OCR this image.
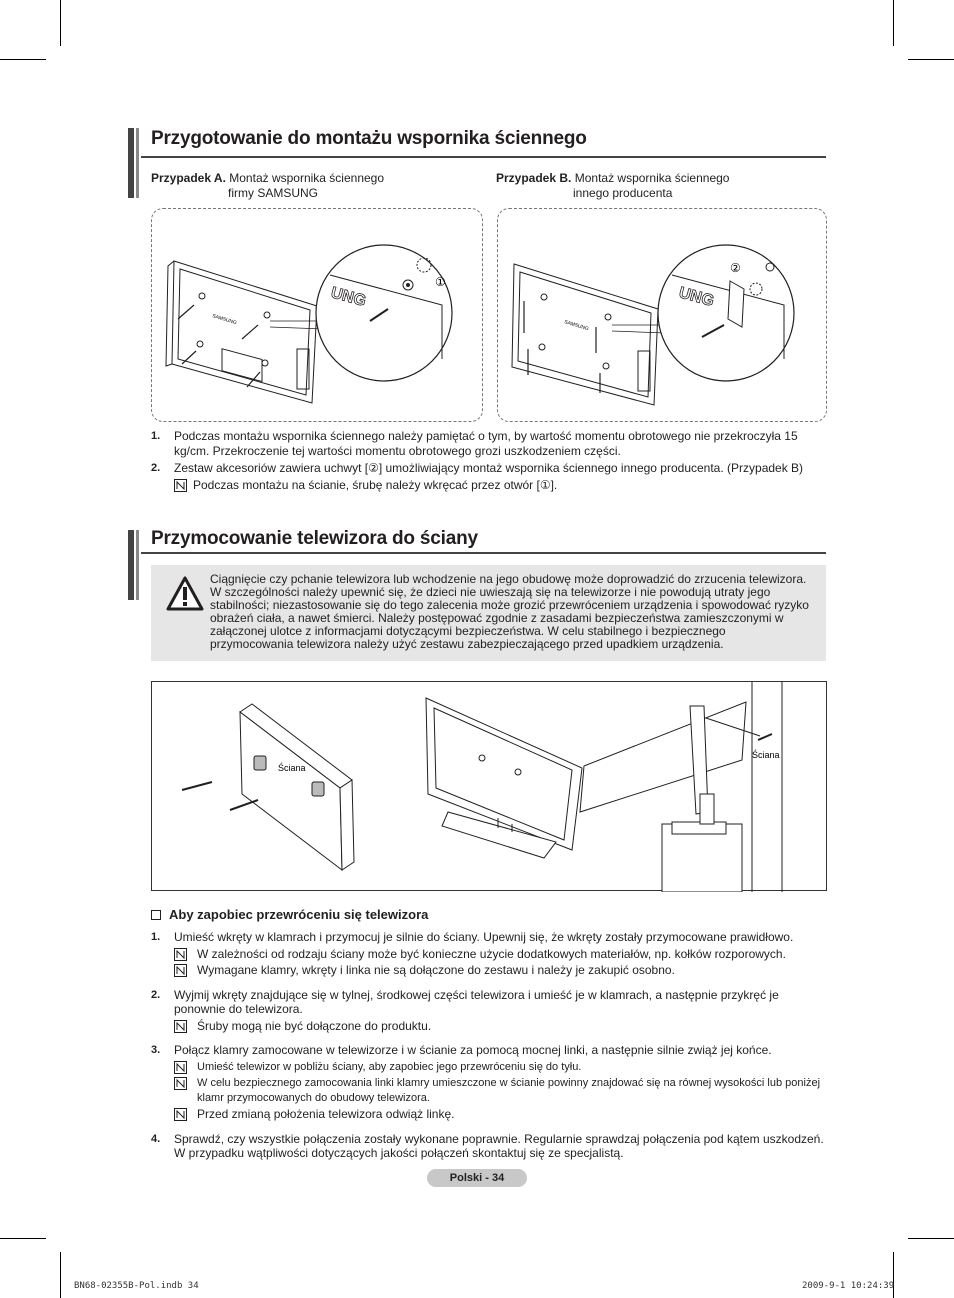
Przygotowanie do montażu wspornika ściennego
Przypadek A. Montaż wspornika ściennego
firmy SAMSUNG
Przypadek B. Montaż wspornika ściennego
innego producenta
SAMSUNG
UNG
①
SAMSUNG
UNG
②
1. Podczas montażu wspornika ściennego należy pamiętać o tym, by wartość momentu obrotowego nie przekroczyła 15 kg/cm. Przekroczenie tej wartości momentu obrotowego grozi uszkodzeniem części.
2. Zestaw akcesoriów zawiera uchwyt [②] umożliwiający montaż wspornika ściennego innego producenta. (Przypadek B)
Podczas montażu na ścianie, śrubę należy wkręcać przez otwór [①].
Przymocowanie telewizora do ściany
Ciągnięcie czy pchanie telewizora lub wchodzenie na jego obudowę może doprowadzić do zrzucenia telewizora. W szczególności należy upewnić się, że dzieci nie uwieszają się na telewizorze i nie powodują utraty jego stabilności; niezastosowanie się do tego zalecenia może grozić przewróceniem urządzenia i spowodować ryzyko obrażeń ciała, a nawet śmierci. Należy postępować zgodnie z zasadami bezpieczeństwa zamieszczonymi w załączonej ulotce z informacjami dotyczącymi bezpieczeństwa. W celu stabilnego i bezpiecznego przymocowania telewizora należy użyć zestawu zabezpieczającego przed upadkiem urządzenia.
Ściana
Ściana
Aby zapobiec przewróceniu się telewizora
1. Umieść wkręty w klamrach i przymocuj je silnie do ściany. Upewnij się, że wkręty zostały przymocowane prawidłowo.
W zależności od rodzaju ściany może być konieczne użycie dodatkowych materiałów, np. kołków rozporowych.
Wymagane klamry, wkręty i linka nie są dołączone do zestawu i należy je zakupić osobno.
2. Wyjmij wkręty znajdujące się w tylnej, środkowej części telewizora i umieść je w klamrach, a następnie przykręć je ponownie do telewizora.
Śruby mogą nie być dołączone do produktu.
3. Połącz klamry zamocowane w telewizorze i w ścianie za pomocą mocnej linki, a następnie silnie zwiąż jej końce.
Umieść telewizor w pobliżu ściany, aby zapobiec jego przewróceniu się do tyłu.
W celu bezpiecznego zamocowania linki klamry umieszczone w ścianie powinny znajdować się na równej wysokości lub poniżej klamr przymocowanych do obudowy telewizora.
Przed zmianą położenia telewizora odwiąż linkę.
4. Sprawdź, czy wszystkie połączenia zostały wykonane poprawnie. Regularnie sprawdzaj połączenia pod kątem uszkodzeń. W przypadku wątpliwości dotyczących jakości połączeń skontaktuj się ze specjalistą.
Polski - 34
BN68-02355B-Pol.indb 34	2009-9-1 10:24:39
